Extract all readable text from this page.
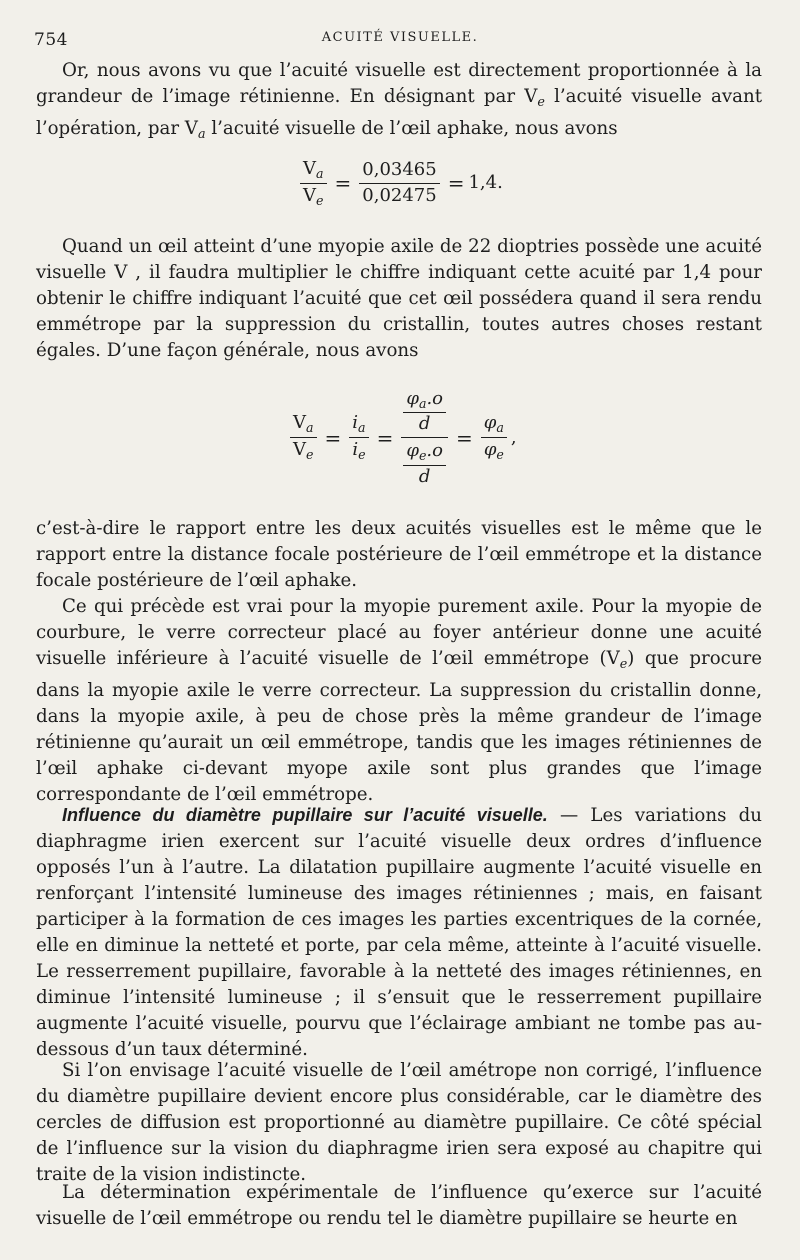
754	ACUITÉ VISUELLE.

Or, nous avons vu que l’acuité visuelle est directement proportionnée à la grandeur de l’image rétinienne. En désignant par $V_e$ l’acuité visuelle avant l’opération, par $V_a$ l’acuité visuelle de l’œil aphake, nous avons

$\frac{V_a}{V_e} = \frac{0,03465}{0,02475} = 1,4$.

Quand un œil atteint d’une myopie axile de 22 dioptries possède une acuité visuelle V , il faudra multiplier le chiffre indiquant cette acuité par 1,4 pour obtenir le chiffre indiquant l’acuité que cet œil possédera quand il sera rendu emmétrope par la suppression du cristallin, toutes autres choses restant égales. D’une façon générale, nous avons

$\frac{V_a}{V_e} = \frac{i_a}{i_e} = \frac{\frac{\varphi_a.o}{d}}{\frac{\varphi_e.o}{d}} = \frac{\varphi_a}{\varphi_e}$ ,

c’est-à-dire le rapport entre les deux acuités visuelles est le même que le rapport entre la distance focale postérieure de l’œil emmétrope et la distance focale postérieure de l’œil aphake.

Ce qui précède est vrai pour la myopie purement axile. Pour la myopie de courbure, le verre correcteur placé au foyer antérieur donne une acuité visuelle inférieure à l’acuité visuelle de l’œil emmétrope $(V_e)$ que procure dans la myopie axile le verre correcteur. La suppression du cristallin donne, dans la myopie axile, à peu de chose près la même grandeur de l’image rétinienne qu’aurait un œil emmétrope, tandis que les images rétiniennes de l’œil aphake ci-devant myope axile sont plus grandes que l’image correspondante de l’œil emmétrope.

Influence du diamètre pupillaire sur l’acuité visuelle. — Les variations du diaphragme irien exercent sur l’acuité visuelle deux ordres d’influence opposés l’un à l’autre. La dilatation pupillaire augmente l’acuité visuelle en renforçant l’intensité lumineuse des images rétiniennes ; mais, en faisant participer à la formation de ces images les parties excentriques de la cornée, elle en diminue la netteté et porte, par cela même, atteinte à l’acuité visuelle. Le resserrement pupillaire, favorable à la netteté des images rétiniennes, en diminue l’intensité lumineuse ; il s’ensuit que le resserrement pupillaire augmente l’acuité visuelle, pourvu que l’éclairage ambiant ne tombe pas au-dessous d’un taux déterminé.

Si l’on envisage l’acuité visuelle de l’œil amétrope non corrigé, l’influence du diamètre pupillaire devient encore plus considérable, car le diamètre des cercles de diffusion est proportionné au diamètre pupillaire. Ce côté spécial de l’influence sur la vision du diaphragme irien sera exposé au chapitre qui traite de la vision indistincte.

La détermination expérimentale de l’influence qu’exerce sur l’acuité visuelle de l’œil emmétrope ou rendu tel le diamètre pupillaire se heurte en
